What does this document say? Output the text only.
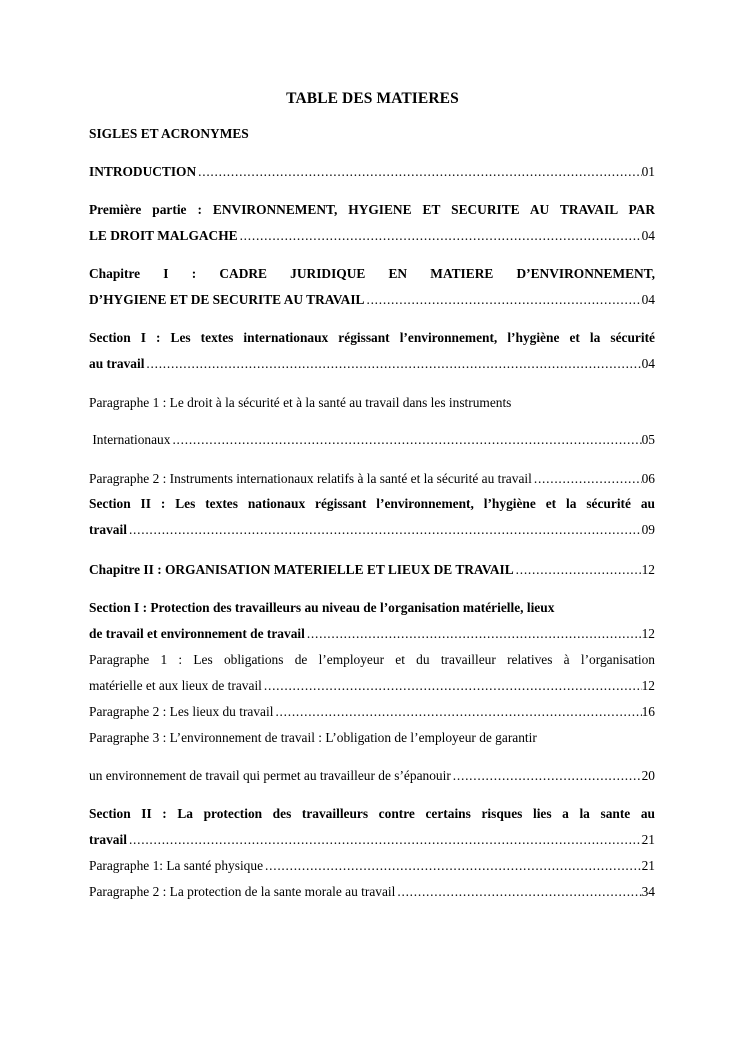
TABLE DES MATIERES
SIGLES ET ACRONYMES
INTRODUCTION . . .	01
Première partie : ENVIRONNEMENT, HYGIENE ET SECURITE AU TRAVAIL PAR
LE DROIT MALGACHE . . .	04
Chapitre I : CADRE JURIDIQUE EN MATIERE D’ENVIRONNEMENT,
D’HYGIENE ET DE SECURITE AU TRAVAIL . . .	04
Section I : Les textes internationaux régissant l’environnement, l’hygiène et la sécurité
au travail . . .	04
Paragraphe 1 : Le droit à la sécurité et à la santé au travail dans les instruments
Internationaux . . .	05
Paragraphe 2 : Instruments internationaux relatifs à la santé et la sécurité au travail . . .	06
Section II : Les textes nationaux régissant l’environnement, l’hygiène et la sécurité au
travail . . .	09
Chapitre II : ORGANISATION MATERIELLE ET LIEUX DE TRAVAIL . . .	12
Section I : Protection des travailleurs au niveau de l’organisation matérielle, lieux
de travail et environnement de travail . . .	12
Paragraphe 1 : Les obligations de l’employeur et du travailleur relatives à l’organisation
matérielle et aux lieux de travail . . .	12
Paragraphe 2 : Les lieux du travail . . .	16
Paragraphe 3 : L’environnement de travail : L’obligation de l’employeur de garantir
un environnement de travail qui permet au travailleur de s’épanouir . . .	20
Section II : La protection des travailleurs contre certains risques lies a la sante au
travail . . .	21
Paragraphe 1: La santé physique . . .	21
Paragraphe 2 : La protection de la sante morale au travail . . .	34
